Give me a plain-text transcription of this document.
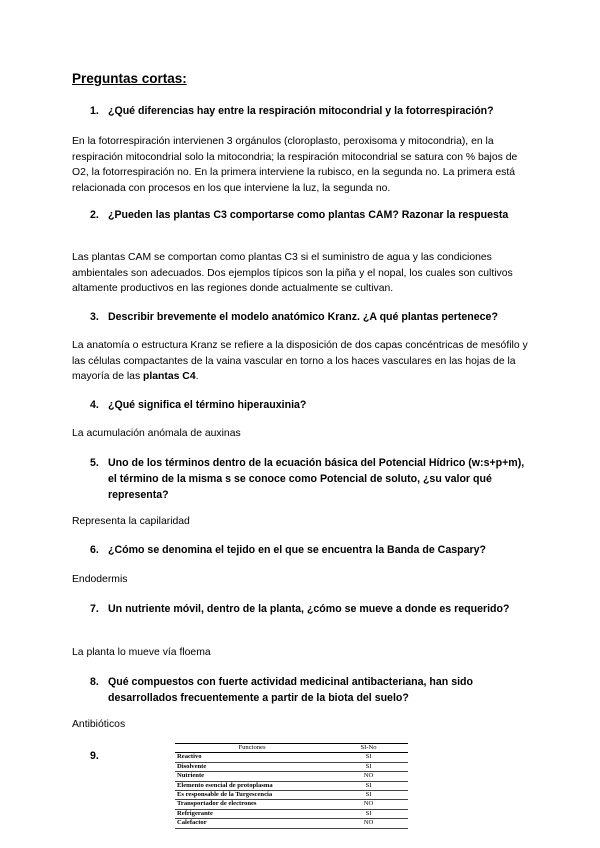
Preguntas cortas:
1. ¿Qué diferencias hay entre la respiración mitocondrial y la fotorrespiración?
En la fotorrespiración intervienen 3 orgánulos (cloroplasto, peroxisoma y mitocondria), en la respiración mitocondrial solo la mitocondria; la respiración mitocondrial se satura con % bajos de O2, la fotorrespiración no. En la primera interviene la rubisco, en la segunda no. La primera está relacionada con procesos en los que interviene la luz, la segunda no.
2. ¿Pueden las plantas C3 comportarse como plantas CAM? Razonar la respuesta
Las plantas CAM se comportan como plantas C3 si el suministro de agua y las condiciones ambientales son adecuados. Dos ejemplos típicos son la piña y el nopal, los cuales son cultivos altamente productivos en las regiones donde actualmente se cultivan.
3. Describir brevemente el modelo anatómico Kranz. ¿A qué plantas pertenece?
La anatomía o estructura Kranz se refiere a la disposición de dos capas concéntricas de mesófilo y las células compactantes de la vaina vascular en torno a los haces vasculares en las hojas de la mayoría de las plantas C4.
4. ¿Qué significa el término hiperauxinia?
La acumulación anómala de auxinas
5. Uno de los términos dentro de la ecuación básica del Potencial Hídrico (w:s+p+m), el término de la misma s se conoce como Potencial de soluto, ¿su valor qué representa?
Representa la capilaridad
6. ¿Cómo se denomina el tejido en el que se encuentra la Banda de Caspary?
Endodermis
7. Un nutriente móvil, dentro de la planta, ¿cómo se mueve a donde es requerido?
La planta lo mueve vía floema
8. Qué compuestos con fuerte actividad medicinal antibacteriana, han sido desarrollados frecuentemente a partir de la biota del suelo?
Antibióticos
9.
Funciones	SI-No
Reactivo	SI
Disolvente	SI
Nutriente	NO
Elemento esencial de protoplasma	SI
Es responsable de la Turgescencia	SI
Transportador de electrones	NO
Refrigerante	SI
Calefactor	NO
